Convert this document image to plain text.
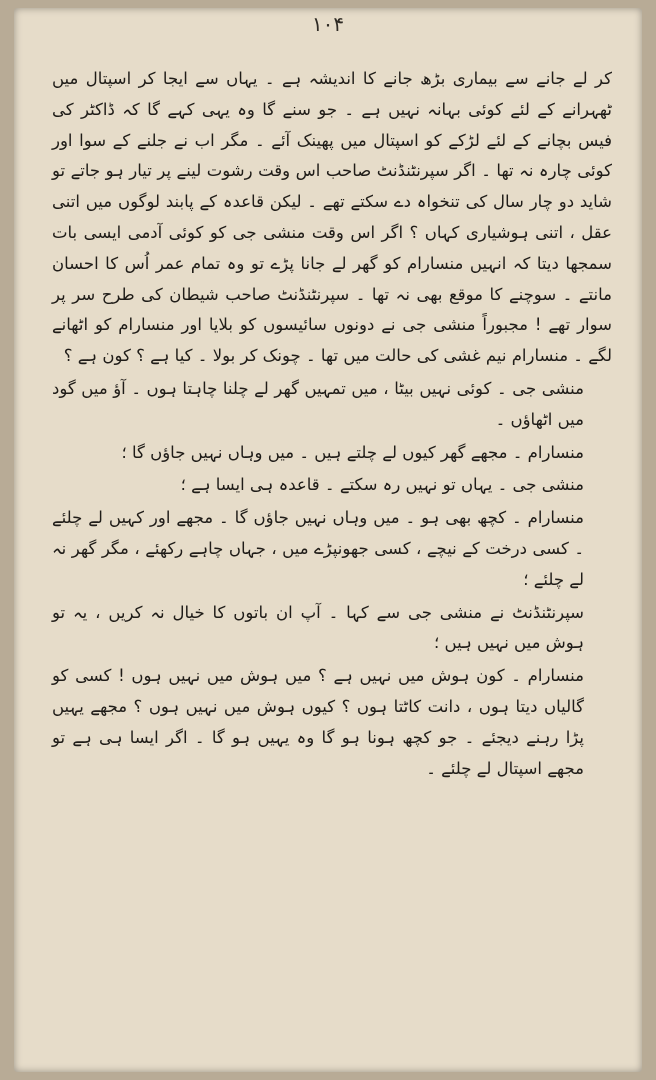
۱۰۴

کر لے جانے سے بیماری بڑھ جانے کا اندیشہ ہے ۔ یہاں سے ایجا کر اسپتال میں ٹھہرانے کے لئے کوئی بہانہ نہیں ہے ۔ جو سنے گا وہ یہی کہے گا کہ ڈاکٹر کی فیس بچانے کے لئے لڑکے کو اسپتال میں پھینک آئے ۔ مگر اب نے جلنے کے سوا اور کوئی چارہ نہ تھا ۔ اگر سپرنٹنڈنٹ صاحب اس وقت رشوت لینے پر تیار ہو جاتے تو شاید دو چار سال کی تنخواہ دے سکتے تھے ۔ لیکن قاعدہ کے پابند لوگوں میں اتنی عقل ، اتنی ہوشیاری کہاں ؟ اگر اس وقت منشی جی کو کوئی آدمی ایسی بات سمجھا دیتا کہ انہیں منسارام کو گھر لے جانا پڑے تو وہ تمام عمر اُس کا احسان مانتے ۔ سوچنے کا موقع بھی نہ تھا ۔ سپرنٹنڈنٹ صاحب شیطان کی طرح سر پر سوار تھے ! مجبوراً منشی جی نے دونوں سائیسوں کو بلایا اور منسارام کو اٹھانے لگے ۔ منسارام نیم غشی کی حالت میں تھا ۔ چونک کر بولا ۔ کیا ہے ؟ کون ہے ؟

منشی جی ۔ کوئی نہیں بیٹا ، میں تمہیں گھر لے چلنا چاہتا ہوں ۔ آؤ میں گود میں اٹھاؤں ۔

منسارام ۔ مجھے گھر کیوں لے چلتے ہیں ۔ میں وہاں نہیں جاؤں گا ؛

منشی جی ۔ یہاں تو نہیں رہ سکتے ۔ قاعدہ ہی ایسا ہے ؛

منسارام ۔ کچھ بھی ہو ۔ میں وہاں نہیں جاؤں گا ۔ مجھے اور کہیں لے چلئے ۔ کسی درخت کے نیچے ، کسی جھونپڑے میں ، جہاں چاہے رکھئے ، مگر گھر نہ لے چلئے ؛

سپرنٹنڈنٹ نے منشی جی سے کہا ۔ آپ ان باتوں کا خیال نہ کریں ، یہ تو ہوش میں نہیں ہیں ؛

منسارام ۔ کون ہوش میں نہیں ہے ؟ میں ہوش میں نہیں ہوں ! کسی کو گالیاں دیتا ہوں ، دانت کاٹتا ہوں ؟ کیوں ہوش میں نہیں ہوں ؟ مجھے یہیں پڑا رہنے دیجئے ۔ جو کچھ ہونا ہو گا وہ یہیں ہو گا ۔ اگر ایسا ہی ہے تو مجھے اسپتال لے چلئے ۔
